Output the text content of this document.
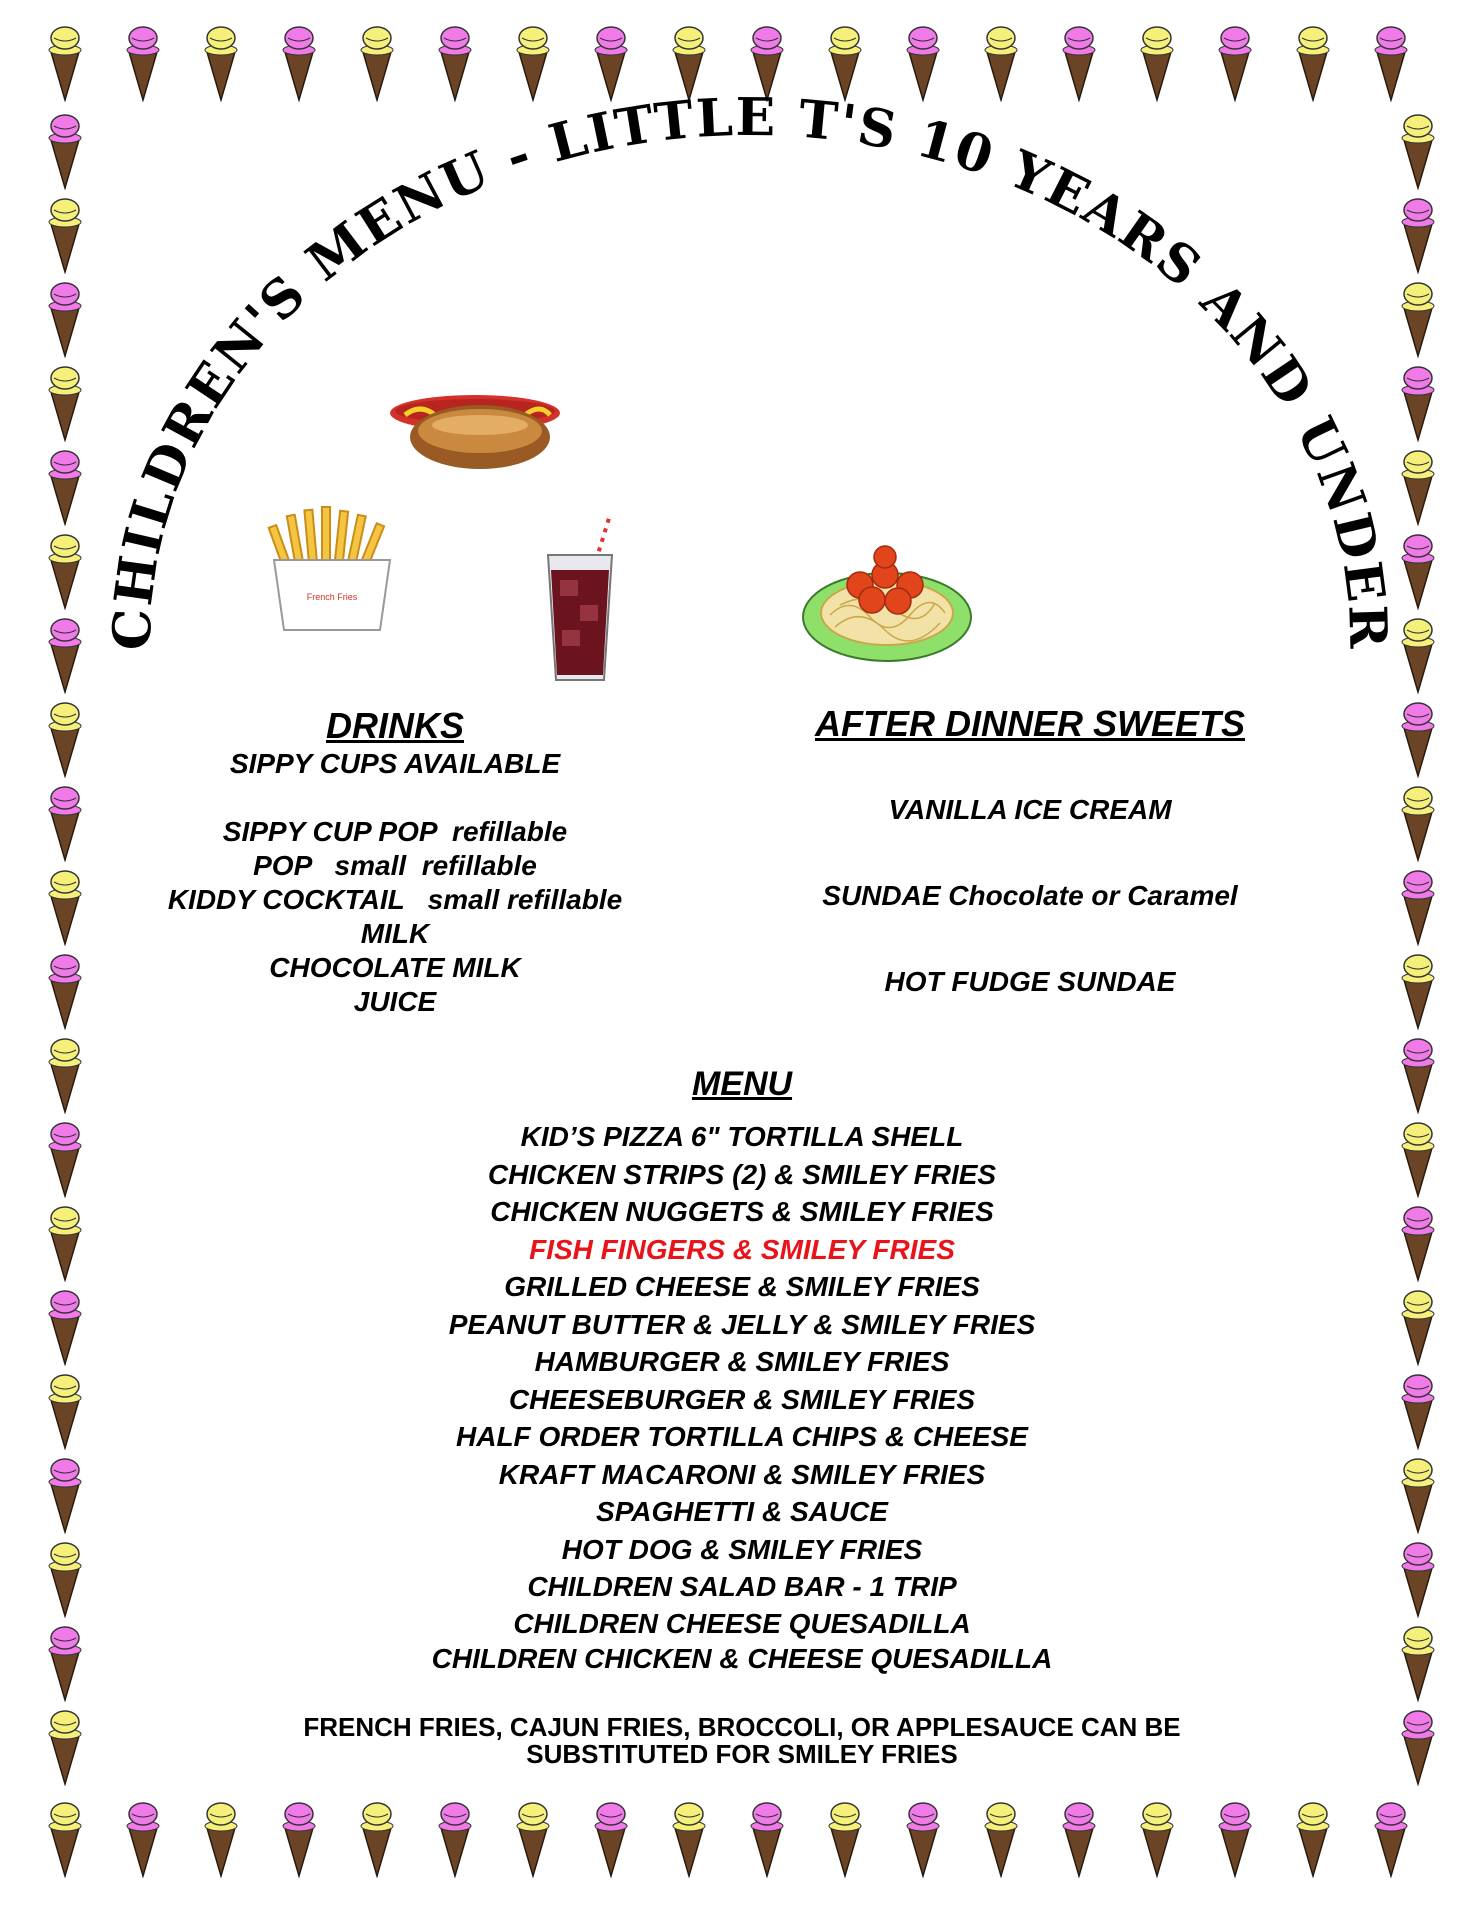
CHILDREN'S MENU - LITTLE T'S 10 YEARS AND UNDER
French Fries
DRINKS
SIPPY CUPS AVAILABLE
SIPPY CUP POP  refillable
POP   small  refillable
KIDDY COCKTAIL   small refillable
MILK
CHOCOLATE MILK
JUICE
AFTER DINNER SWEETS
VANILLA ICE CREAM
SUNDAE Chocolate or Caramel
HOT FUDGE SUNDAE
MENU
KID’S PIZZA 6" TORTILLA SHELL
CHICKEN STRIPS (2) & SMILEY FRIES
CHICKEN NUGGETS & SMILEY FRIES
FISH FINGERS & SMILEY FRIES
GRILLED CHEESE & SMILEY FRIES
PEANUT BUTTER & JELLY & SMILEY FRIES
HAMBURGER & SMILEY FRIES
CHEESEBURGER & SMILEY FRIES
HALF ORDER TORTILLA CHIPS & CHEESE
KRAFT MACARONI & SMILEY FRIES
SPAGHETTI & SAUCE
HOT DOG & SMILEY FRIES
CHILDREN SALAD BAR - 1 TRIP
CHILDREN CHEESE QUESADILLA
CHILDREN CHICKEN & CHEESE QUESADILLA
FRENCH FRIES, CAJUN FRIES, BROCCOLI, OR APPLESAUCE CAN BE
SUBSTITUTED FOR SMILEY FRIES
